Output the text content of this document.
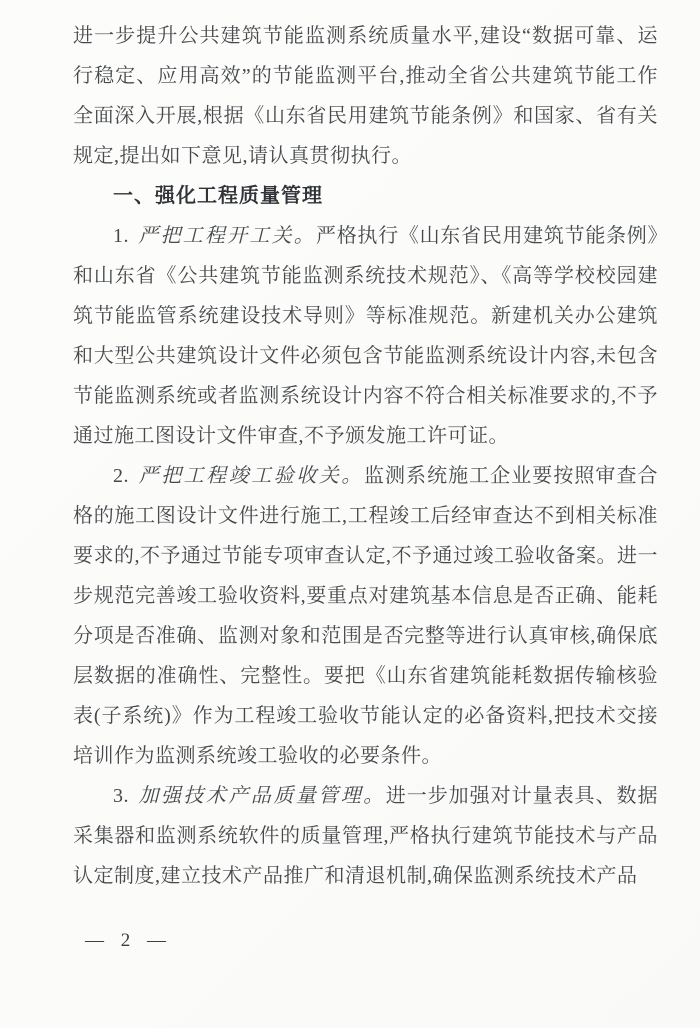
进一步提升公共建筑节能监测系统质量水平,建设“数据可靠、运行稳定、应用高效”的节能监测平台,推动全省公共建筑节能工作全面深入开展,根据《山东省民用建筑节能条例》和国家、省有关规定,提出如下意见,请认真贯彻执行。

一、强化工程质量管理

1. 严把工程开工关。严格执行《山东省民用建筑节能条例》和山东省《公共建筑节能监测系统技术规范》、《高等学校校园建筑节能监管系统建设技术导则》等标准规范。新建机关办公建筑和大型公共建筑设计文件必须包含节能监测系统设计内容,未包含节能监测系统或者监测系统设计内容不符合相关标准要求的,不予通过施工图设计文件审查,不予颁发施工许可证。

2. 严把工程竣工验收关。监测系统施工企业要按照审查合格的施工图设计文件进行施工,工程竣工后经审查达不到相关标准要求的,不予通过节能专项审查认定,不予通过竣工验收备案。进一步规范完善竣工验收资料,要重点对建筑基本信息是否正确、能耗分项是否准确、监测对象和范围是否完整等进行认真审核,确保底层数据的准确性、完整性。要把《山东省建筑能耗数据传输核验表(子系统)》作为工程竣工验收节能认定的必备资料,把技术交接培训作为监测系统竣工验收的必要条件。

3. 加强技术产品质量管理。进一步加强对计量表具、数据采集器和监测系统软件的质量管理,严格执行建筑节能技术与产品认定制度,建立技术产品推广和清退机制,确保监测系统技术产品

— 2 —
